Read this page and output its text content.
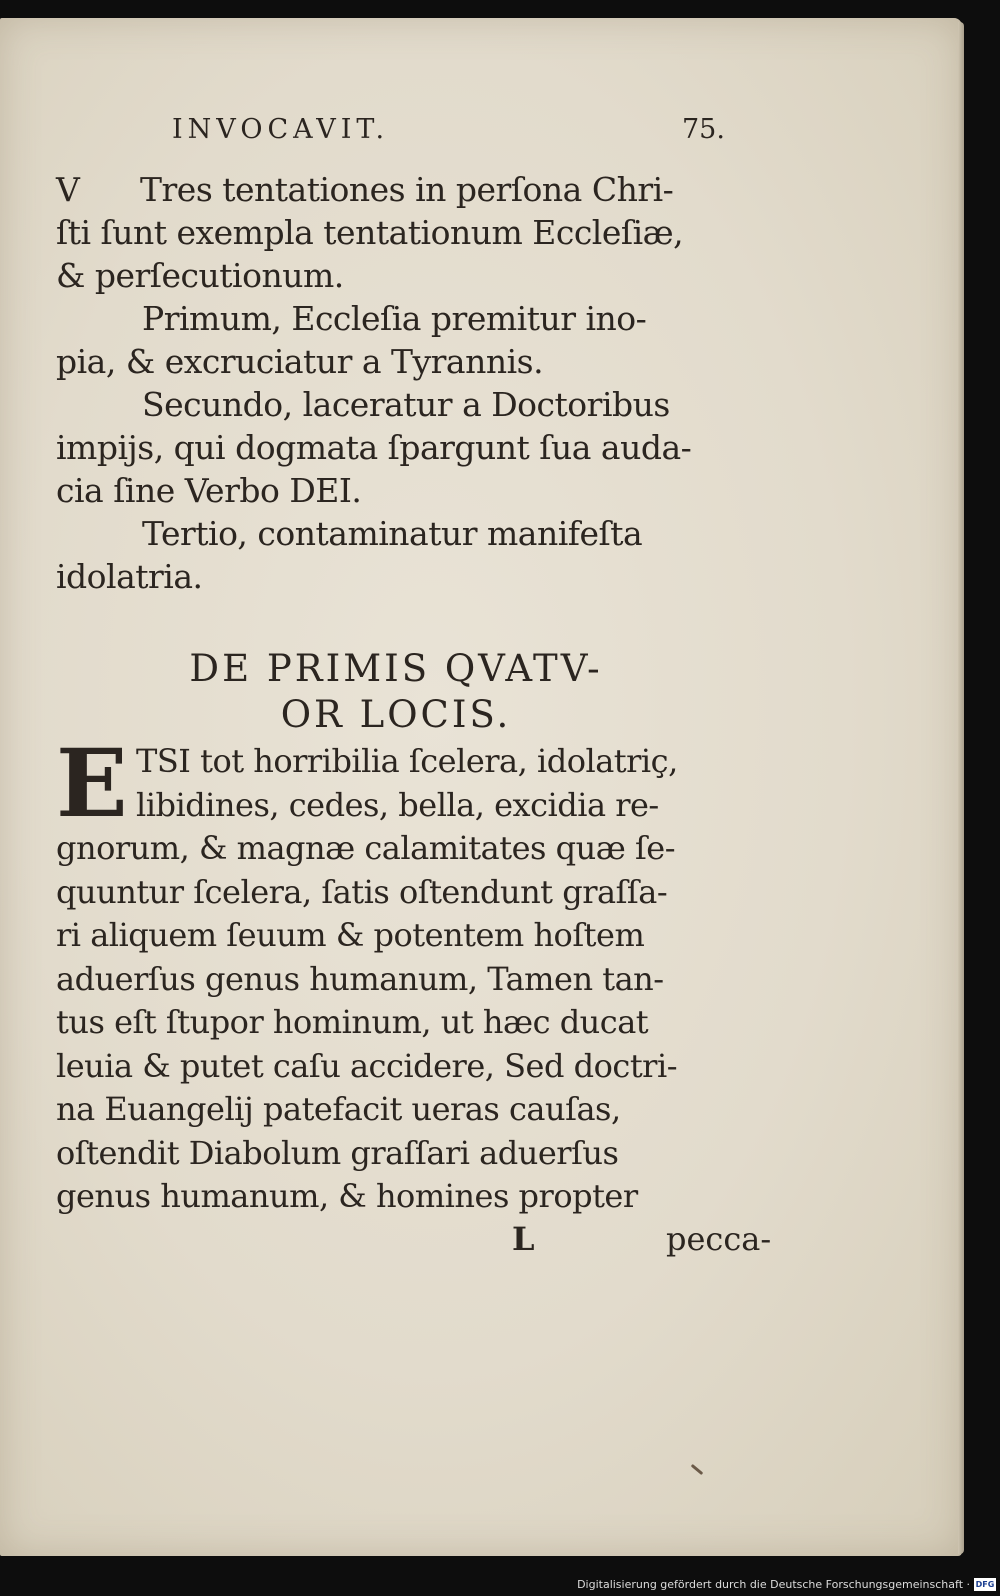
INVOCAVIT.	75.
V	Tres tentationes in perſona Chri-
ſti ſunt exempla tentationum Eccleſiæ,
& perſecutionum.
Primum, Eccleſia premitur ino-
pia, & excruciatur a Tyrannis.
Secundo, laceratur a Doctoribus
impijs, qui dogmata ſpargunt ſua auda-
cia ſine Verbo DEI.
Tertio, contaminatur manifeſta
idolatria.
DE PRIMIS QVATV-
OR LOCIS.
E TSI tot horribilia ſcelera, idolatriç,
libidines, cedes, bella, excidia re-
gnorum, & magnæ calamitates quæ ſe-
quuntur ſcelera, ſatis oſtendunt graſſa-
ri aliquem ſeuum & potentem hoſtem
aduerſus genus humanum, Tamen tan-
tus eſt ſtupor hominum, ut hæc ducat
leuia & putet caſu accidere, Sed doctri-
na Euangelij patefacit ueras cauſas,
oſtendit Diabolum graſſari aduerſus
genus humanum, & homines propter
L	pecca-
Digitalisierung gefördert durch die Deutsche Forschungsgemeinschaft · DFG
